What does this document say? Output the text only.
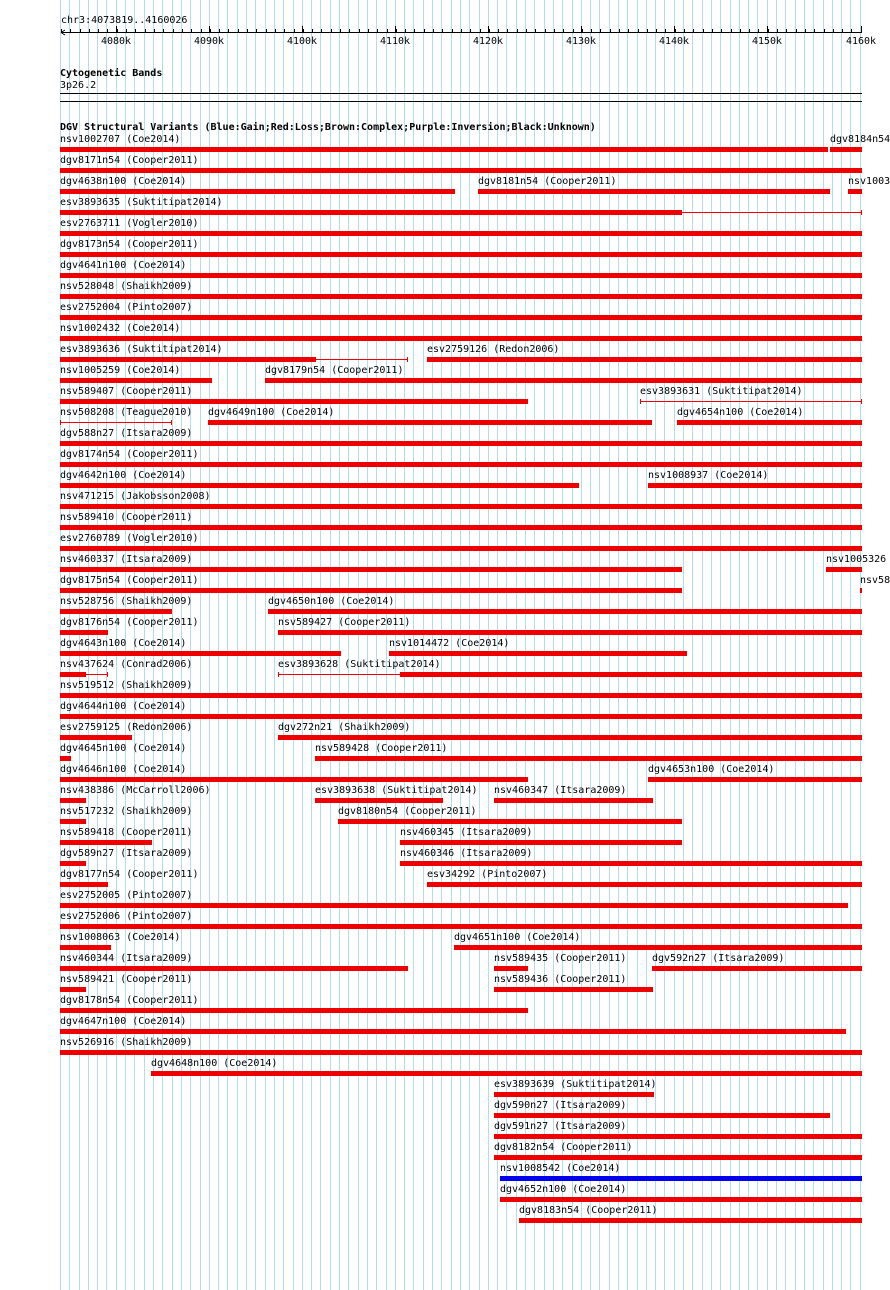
chr3:4073819..4160026
4080k	4090k	4100k	4110k	4120k	4130k	4140k	4150k	4160k
Cytogenetic Bands
3p26.2
DGV Structural Variants (Blue:Gain;Red:Loss;Brown:Complex;Purple:Inversion;Black:Unknown)
nsv1002707 (Coe2014)	dgv8184n54
dgv8171n54 (Cooper2011)
dgv4638n100 (Coe2014)	dgv8181n54 (Cooper2011)	nsv1003
esv3893635 (Suktitipat2014)
esv2763711 (Vogler2010)
dgv8173n54 (Cooper2011)
dgv4641n100 (Coe2014)
nsv528048 (Shaikh2009)
esv2752004 (Pinto2007)
nsv1002432 (Coe2014)
esv3893636 (Suktitipat2014)	esv2759126 (Redon2006)
nsv1005259 (Coe2014)	dgv8179n54 (Cooper2011)
nsv589407 (Cooper2011)	esv3893631 (Suktitipat2014)
nsv508208 (Teague2010) dgv4649n100 (Coe2014)	dgv4654n100 (Coe2014)
dgv588n27 (Itsara2009)
dgv8174n54 (Cooper2011)
dgv4642n100 (Coe2014)	nsv1008937 (Coe2014)
nsv471215 (Jakobsson2008)
nsv589410 (Cooper2011)
esv2760789 (Vogler2010)
nsv460337 (Itsara2009)	nsv1005326
dgv8175n54 (Cooper2011)	nsv58
nsv528756 (Shaikh2009)	dgv4650n100 (Coe2014)
dgv8176n54 (Cooper2011)	nsv589427 (Cooper2011)
dgv4643n100 (Coe2014)	nsv1014472 (Coe2014)
nsv437624 (Conrad2006)	esv3893628 (Suktitipat2014)
nsv519512 (Shaikh2009)
dgv4644n100 (Coe2014)
esv2759125 (Redon2006)	dgv272n21 (Shaikh2009)
dgv4645n100 (Coe2014)	nsv589428 (Cooper2011)
dgv4646n100 (Coe2014)	dgv4653n100 (Coe2014)
nsv438386 (McCarroll2006)	esv3893638 (Suktitipat2014) nsv460347 (Itsara2009)
nsv517232 (Shaikh2009)	dgv8180n54 (Cooper2011)
nsv589418 (Cooper2011)	nsv460345 (Itsara2009)
dgv589n27 (Itsara2009)	nsv460346 (Itsara2009)
dgv8177n54 (Cooper2011)	esv34292 (Pinto2007)
esv2752005 (Pinto2007)
esv2752006 (Pinto2007)
nsv1008063 (Coe2014)	dgv4651n100 (Coe2014)
nsv460344 (Itsara2009)	nsv589435 (Cooper2011)	dgv592n27 (Itsara2009)
nsv589421 (Cooper2011)	nsv589436 (Cooper2011)
dgv8178n54 (Cooper2011)
dgv4647n100 (Coe2014)
nsv526916 (Shaikh2009)
dgv4648n100 (Coe2014)
esv3893639 (Suktitipat2014)
dgv590n27 (Itsara2009)
dgv591n27 (Itsara2009)
dgv8182n54 (Cooper2011)
nsv1008542 (Coe2014)
dgv4652n100 (Coe2014)
dgv8183n54 (Cooper2011)
